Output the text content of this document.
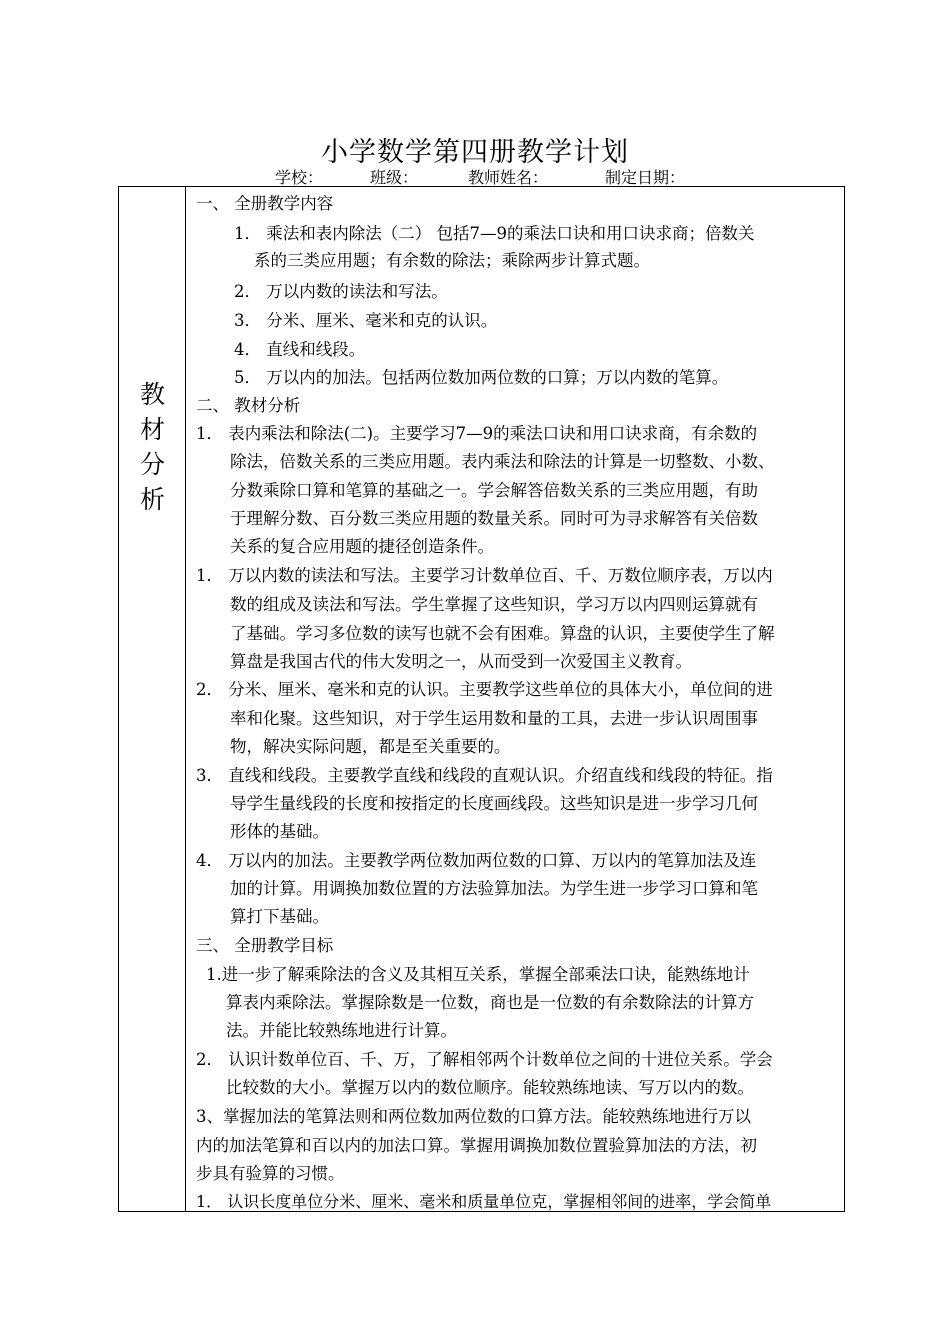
小学数学第四册教学计划
学校：	班级：	教师姓名：	制定日期：
教
材
分
析
一、 全册教学内容
1． 乘法和表内除法（二） 包括7—9的乘法口诀和用口诀求商；倍数关
系的三类应用题；有余数的除法；乘除两步计算式题。
2． 万以内数的读法和写法。
3． 分米、厘米、毫米和克的认识。
4． 直线和线段。
5． 万以内的加法。包括两位数加两位数的口算；万以内数的笔算。
二、 教材分析
1． 表内乘法和除法(二)。主要学习7—9的乘法口诀和用口诀求商，有余数的
除法，倍数关系的三类应用题。表内乘法和除法的计算是一切整数、小数、
分数乘除口算和笔算的基础之一。学会解答倍数关系的三类应用题，有助
于理解分数、百分数三类应用题的数量关系。同时可为寻求解答有关倍数
关系的复合应用题的捷径创造条件。
1． 万以内数的读法和写法。主要学习计数单位百、千、万数位顺序表，万以内
数的组成及读法和写法。学生掌握了这些知识，学习万以内四则运算就有
了基础。学习多位数的读写也就不会有困难。算盘的认识，主要使学生了解
算盘是我国古代的伟大发明之一，从而受到一次爱国主义教育。
2． 分米、厘米、毫米和克的认识。主要教学这些单位的具体大小，单位间的进
率和化聚。这些知识，对于学生运用数和量的工具，去进一步认识周围事
物，解决实际问题，都是至关重要的。
3． 直线和线段。主要教学直线和线段的直观认识。介绍直线和线段的特征。指
导学生量线段的长度和按指定的长度画线段。这些知识是进一步学习几何
形体的基础。
4． 万以内的加法。主要教学两位数加两位数的口算、万以内的笔算加法及连
加的计算。用调换加数位置的方法验算加法。为学生进一步学习口算和笔
算打下基础。
三、 全册教学目标
1.进一步了解乘除法的含义及其相互关系，掌握全部乘法口诀，能熟练地计
算表内乘除法。掌握除数是一位数，商也是一位数的有余数除法的计算方
法。并能比较熟练地进行计算。
2． 认识计数单位百、千、万，了解相邻两个计数单位之间的十进位关系。学会
比较数的大小。掌握万以内的数位顺序。能较熟练地读、写万以内的数。
3、掌握加法的笔算法则和两位数加两位数的口算方法。能较熟练地进行万以
内的加法笔算和百以内的加法口算。掌握用调换加数位置验算加法的方法，初
步具有验算的习惯。
1． 认识长度单位分米、厘米、毫米和质量单位克，掌握相邻间的进率，学会简单
